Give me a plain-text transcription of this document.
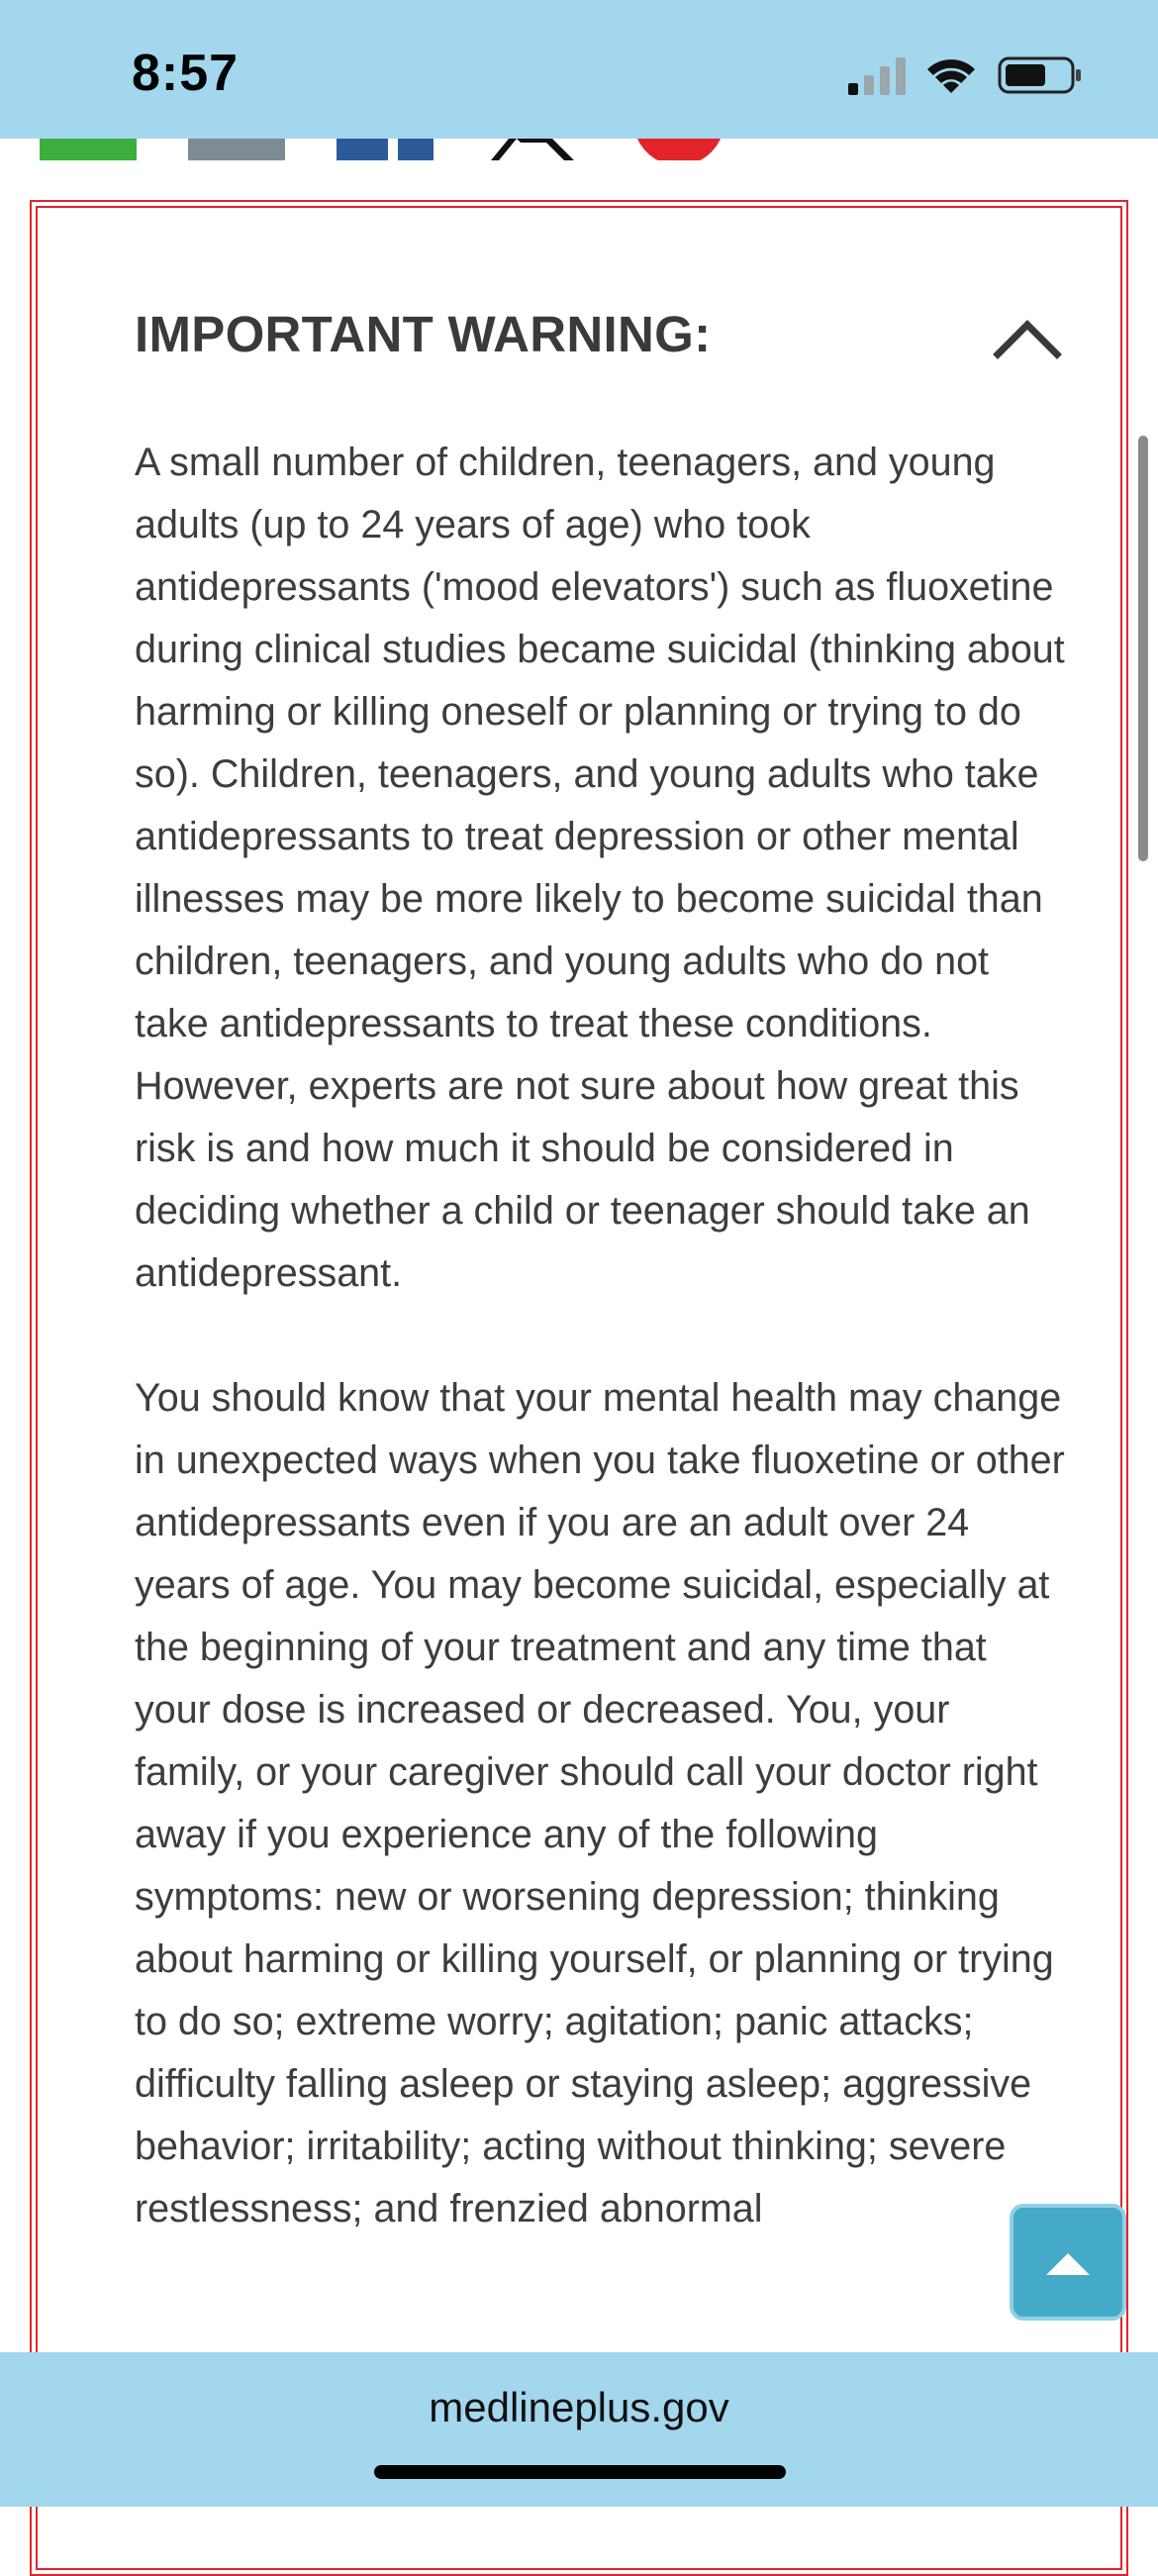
8:57
IMPORTANT WARNING:

A small number of children, teenagers, and young adults (up to 24 years of age) who took antidepressants ('mood elevators') such as fluoxetine during clinical studies became suicidal (thinking about harming or killing oneself or planning or trying to do so). Children, teenagers, and young adults who take antidepressants to treat depression or other mental illnesses may be more likely to become suicidal than children, teenagers, and young adults who do not take antidepressants to treat these conditions. However, experts are not sure about how great this risk is and how much it should be considered in deciding whether a child or teenager should take an antidepressant.

You should know that your mental health may change in unexpected ways when you take fluoxetine or other antidepressants even if you are an adult over 24 years of age. You may become suicidal, especially at the beginning of your treatment and any time that your dose is increased or decreased. You, your family, or your caregiver should call your doctor right away if you experience any of the following symptoms: new or worsening depression; thinking about harming or killing yourself, or planning or trying to do so; extreme worry; agitation; panic attacks; difficulty falling asleep or staying asleep; aggressive behavior; irritability; acting without thinking; severe restlessness; and frenzied abnormal

medlineplus.gov
